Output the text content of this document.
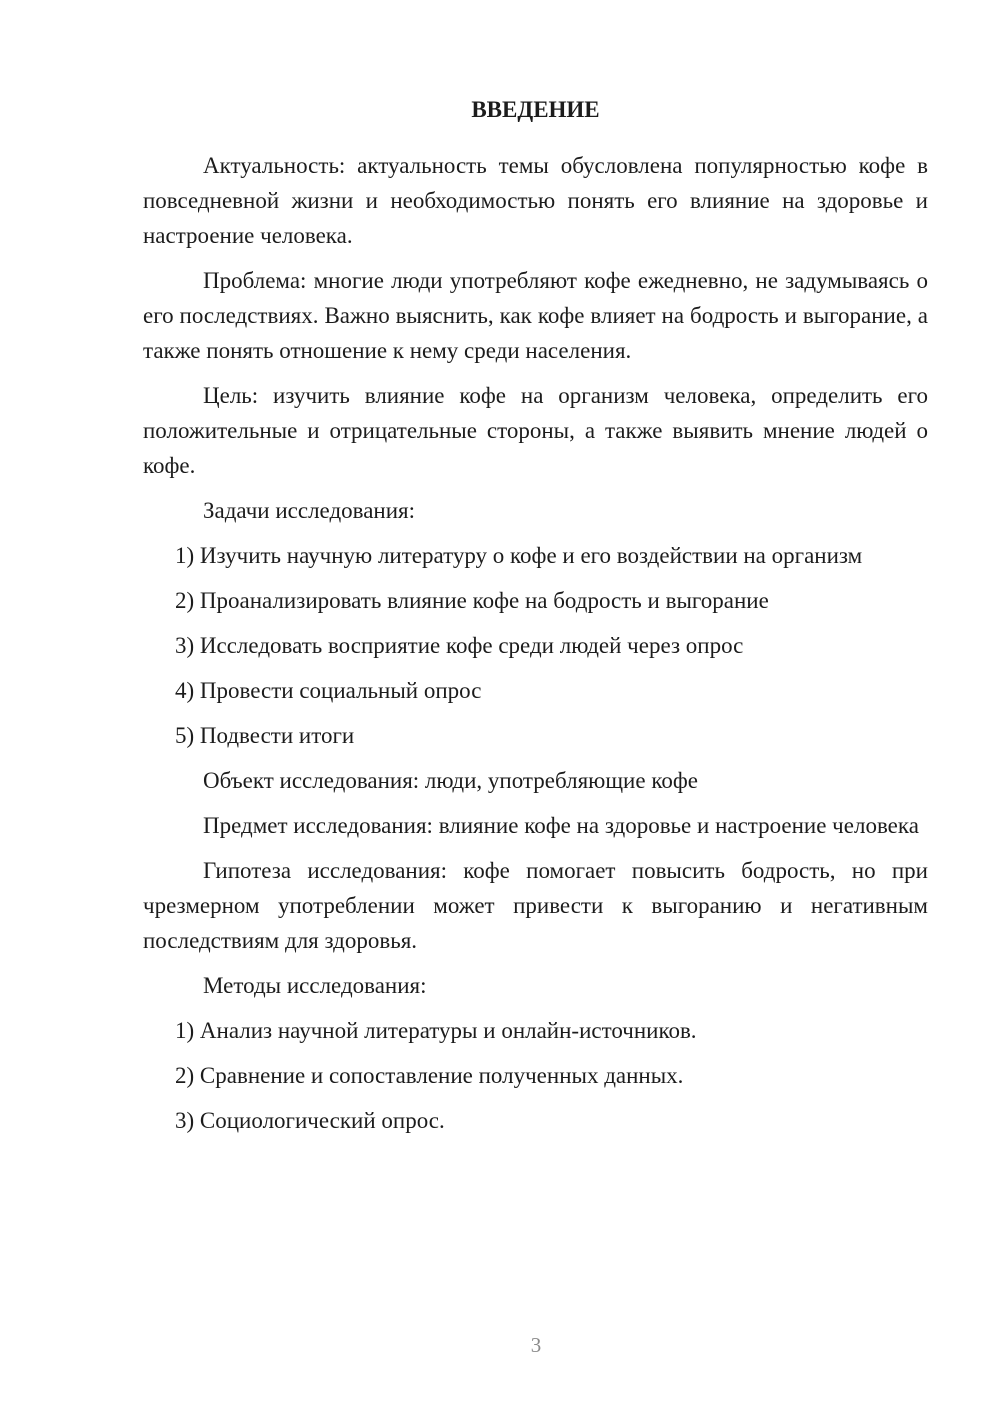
ВВЕДЕНИЕ

Актуальность: актуальность темы обусловлена популярностью кофе в повседневной жизни и необходимостью понять его влияние на здоровье и настроение человека.

Проблема: многие люди употребляют кофе ежедневно, не задумываясь о его последствиях. Важно выяснить, как кофе влияет на бодрость и выгорание, а также понять отношение к нему среди населения.

Цель: изучить влияние кофе на организм человека, определить его положительные и отрицательные стороны, а также выявить мнение людей о кофе.

Задачи исследования:
1) Изучить научную литературу о кофе и его воздействии на организм
2) Проанализировать влияние кофе на бодрость и выгорание
3) Исследовать восприятие кофе среди людей через опрос
4) Провести социальный опрос
5) Подвести итоги
Объект исследования: люди, употребляющие кофе

Предмет исследования: влияние кофе на здоровье и настроение человека

Гипотеза исследования: кофе помогает повысить бодрость, но при чрезмерном употреблении может привести к выгоранию и негативным последствиям для здоровья.

Методы исследования:
1) Анализ научной литературы и онлайн-источников.
2) Сравнение и сопоставление полученных данных.
3) Социологический опрос.
3
